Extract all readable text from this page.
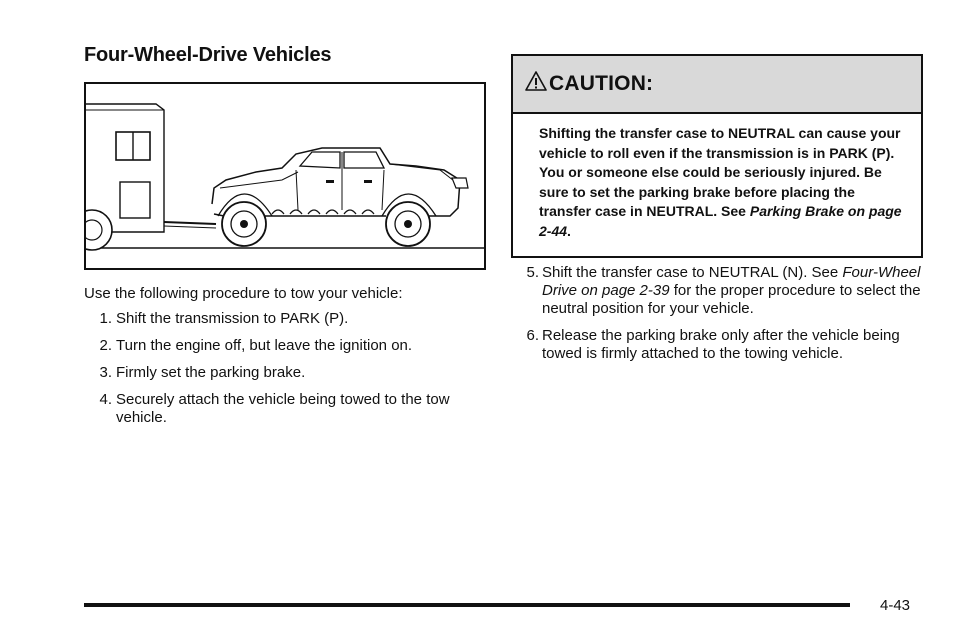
Four-Wheel-Drive Vehicles

Use the following procedure to tow your vehicle:

1. Shift the transmission to PARK (P).
2. Turn the engine off, but leave the ignition on.
3. Firmly set the parking brake.
4. Securely attach the vehicle being towed to the tow vehicle.
CAUTION:
Shifting the transfer case to NEUTRAL can cause your vehicle to roll even if the transmission is in PARK (P). You or someone else could be seriously injured. Be sure to set the parking brake before placing the transfer case in NEUTRAL. See Parking Brake on page 2-44.
5. Shift the transfer case to NEUTRAL (N). See Four-Wheel Drive on page 2-39 for the proper procedure to select the neutral position for your vehicle.
6. Release the parking brake only after the vehicle being towed is firmly attached to the towing vehicle.
4-43
